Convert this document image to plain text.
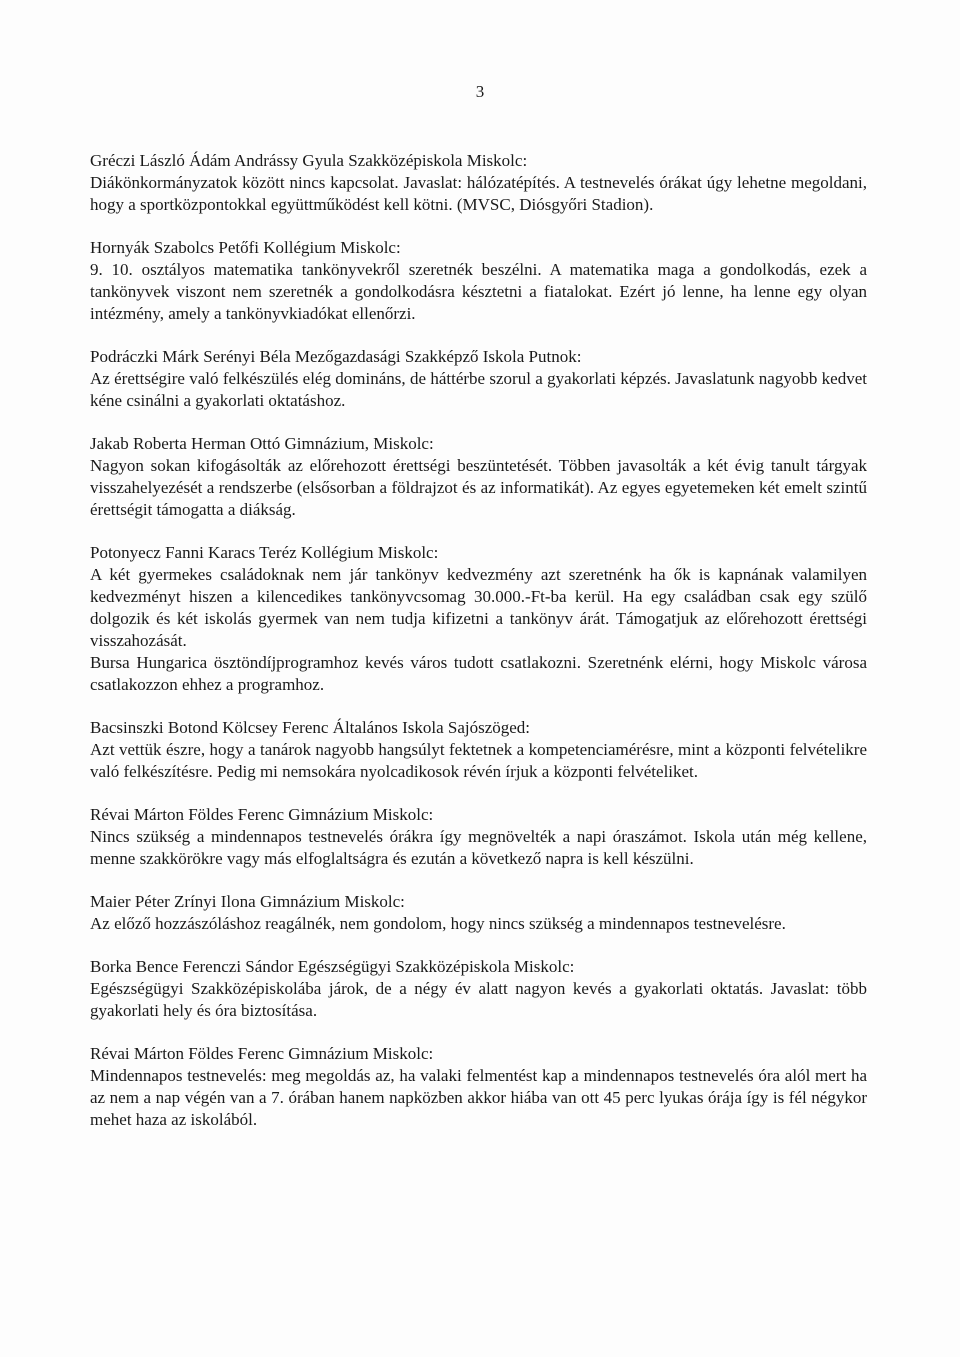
3

Gréczi László Ádám Andrássy Gyula Szakközépiskola Miskolc:

Diákönkormányzatok között nincs kapcsolat. Javaslat: hálózatépítés. A testnevelés órákat úgy lehetne megoldani, hogy a sportközpontokkal együttműködést kell kötni. (MVSC, Diósgyőri Stadion).

Hornyák Szabolcs Petőfi Kollégium Miskolc:

9. 10. osztályos matematika tankönyvekről szeretnék beszélni. A matematika maga a gondolkodás, ezek a tankönyvek viszont nem szeretnék a gondolkodásra késztetni a fiatalokat. Ezért jó lenne, ha lenne egy olyan intézmény, amely a tankönyvkiadókat ellenőrzi.

Podráczki Márk Serényi Béla Mezőgazdasági Szakképző Iskola Putnok:

Az érettségire való felkészülés elég domináns, de háttérbe szorul a gyakorlati képzés. Javaslatunk nagyobb kedvet kéne csinálni a gyakorlati oktatáshoz.

Jakab Roberta Herman Ottó Gimnázium, Miskolc:

Nagyon sokan kifogásolták az előrehozott érettségi beszüntetését. Többen javasolták a két évig tanult tárgyak visszahelyezését a rendszerbe (elsősorban a földrajzot és az informatikát). Az egyes egyetemeken két emelt szintű érettségit támogatta a diákság.

Potonyecz Fanni Karacs Teréz Kollégium Miskolc:

A két gyermekes családoknak nem jár tankönyv kedvezmény azt szeretnénk ha ők is kapnának valamilyen kedvezményt hiszen a kilencedikes tankönyvcsomag 30.000.-Ft-ba kerül. Ha egy családban csak egy szülő dolgozik és két iskolás gyermek van nem tudja kifizetni a tankönyv árát. Támogatjuk az előrehozott érettségi visszahozását.

Bursa Hungarica ösztöndíjprogramhoz kevés város tudott csatlakozni. Szeretnénk elérni, hogy Miskolc városa csatlakozzon ehhez a programhoz.

Bacsinszki Botond Kölcsey Ferenc Általános Iskola Sajószöged:

Azt vettük észre, hogy a tanárok nagyobb hangsúlyt fektetnek a kompetenciamérésre, mint a központi felvételikre való felkészítésre. Pedig mi nemsokára nyolcadikosok révén írjuk a központi felvételiket.

Révai Márton Földes Ferenc Gimnázium Miskolc:

Nincs szükség a mindennapos testnevelés órákra így megnövelték a napi óraszámot. Iskola után még kellene, menne szakkörökre vagy más elfoglaltságra és ezután a következő napra is kell készülni.

Maier Péter Zrínyi Ilona Gimnázium Miskolc:

Az előző hozzászóláshoz reagálnék, nem gondolom, hogy nincs szükség a mindennapos testnevelésre.

Borka Bence Ferenczi Sándor Egészségügyi Szakközépiskola Miskolc:

Egészségügyi Szakközépiskolába járok, de a négy év alatt nagyon kevés a gyakorlati oktatás. Javaslat: több gyakorlati hely és óra biztosítása.

Révai Márton Földes Ferenc Gimnázium Miskolc:

Mindennapos testnevelés: meg megoldás az, ha valaki felmentést kap a mindennapos testnevelés óra alól mert ha az nem a nap végén van a 7. órában hanem napközben akkor hiába van ott 45 perc lyukas órája így is fél négykor mehet haza az iskolából.
